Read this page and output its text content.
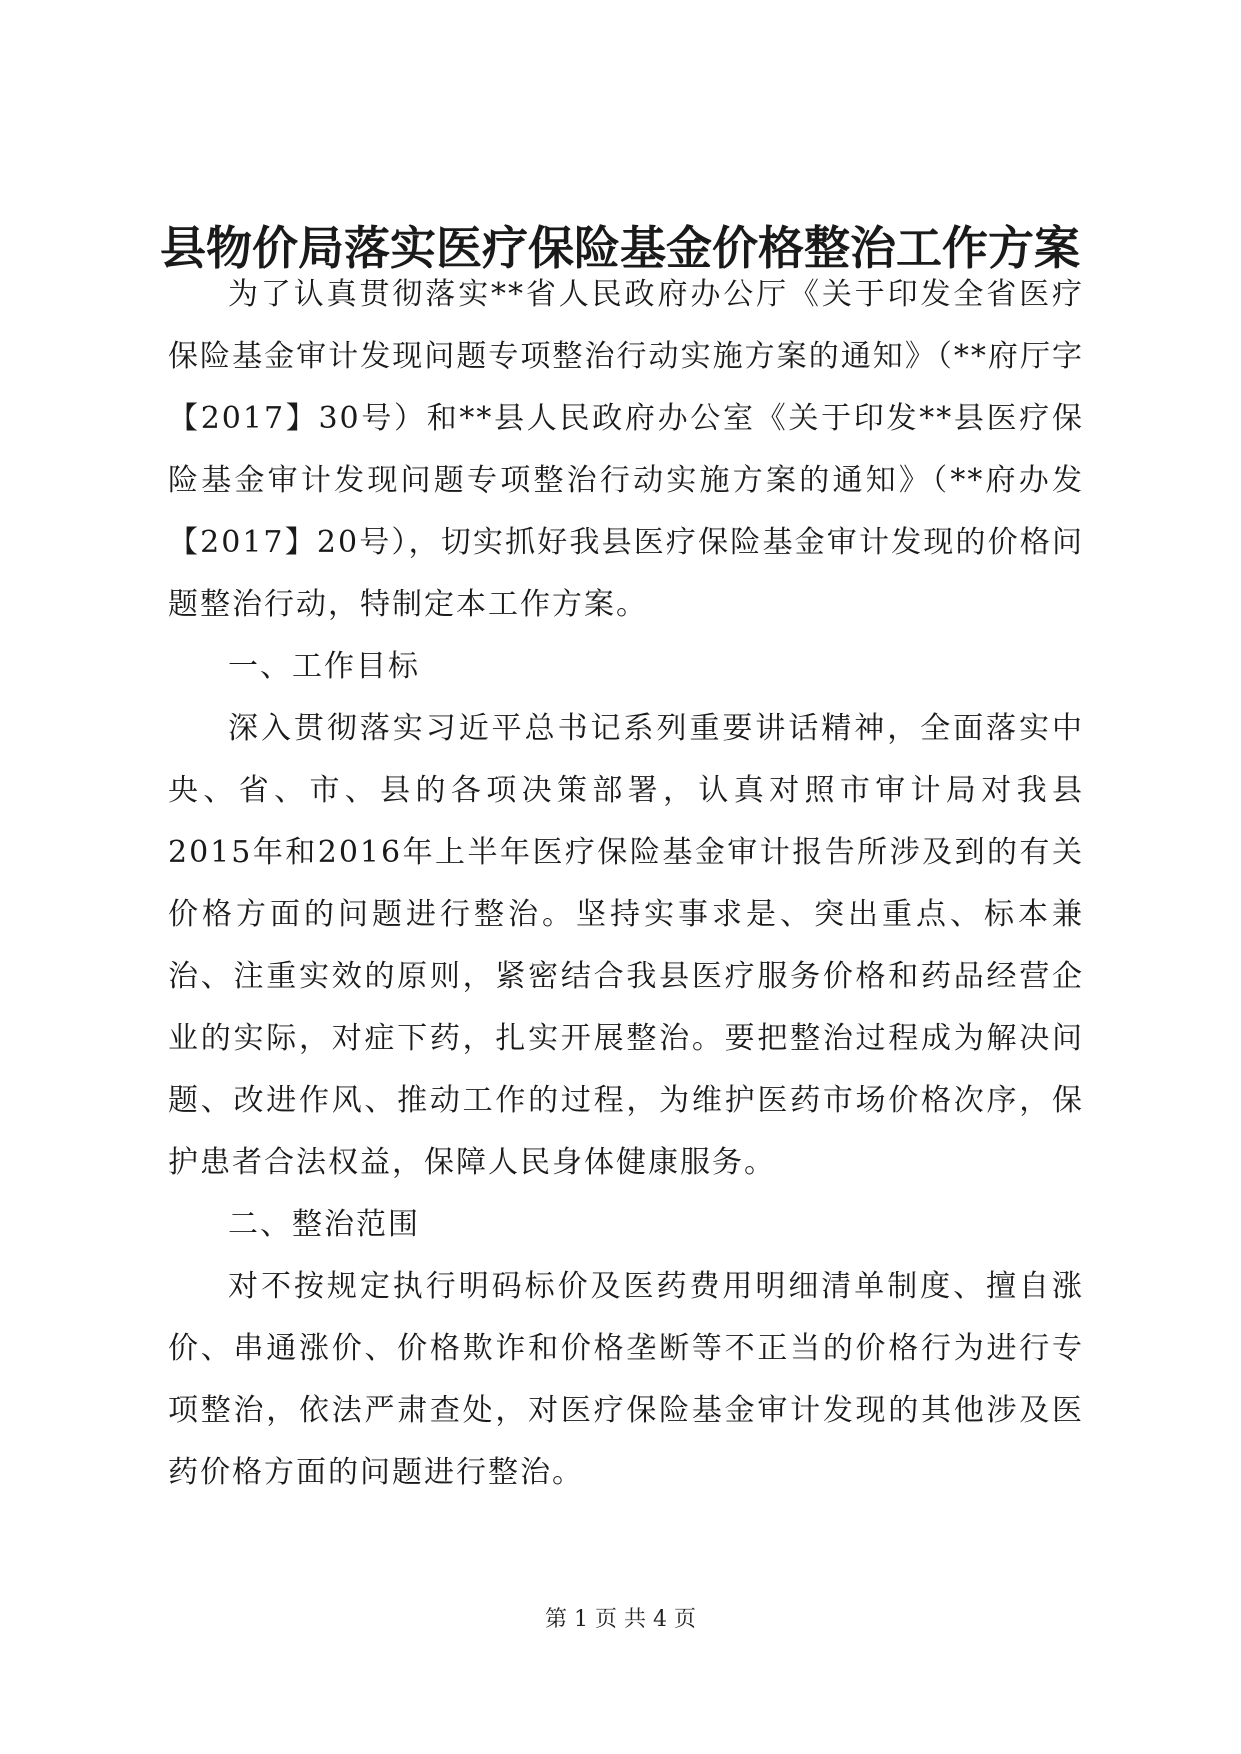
县物价局落实医疗保险基金价格整治工作方案

为了认真贯彻落实**省人民政府办公厅《关于印发全省医疗保险基金审计发现问题专项整治行动实施方案的通知》（**府厅字【2017】30号）和**县人民政府办公室《关于印发**县医疗保险基金审计发现问题专项整治行动实施方案的通知》（**府办发【2017】20号），切实抓好我县医疗保险基金审计发现的价格问题整治行动，特制定本工作方案。

一、工作目标

深入贯彻落实习近平总书记系列重要讲话精神，全面落实中央、省、市、县的各项决策部署，认真对照市审计局对我县2015年和2016年上半年医疗保险基金审计报告所涉及到的有关价格方面的问题进行整治。坚持实事求是、突出重点、标本兼治、注重实效的原则，紧密结合我县医疗服务价格和药品经营企业的实际，对症下药，扎实开展整治。要把整治过程成为解决问题、改进作风、推动工作的过程，为维护医药市场价格次序，保护患者合法权益，保障人民身体健康服务。

二、整治范围

对不按规定执行明码标价及医药费用明细清单制度、擅自涨价、串通涨价、价格欺诈和价格垄断等不正当的价格行为进行专项整治，依法严肃查处，对医疗保险基金审计发现的其他涉及医药价格方面的问题进行整治。

第 1 页 共 4 页
